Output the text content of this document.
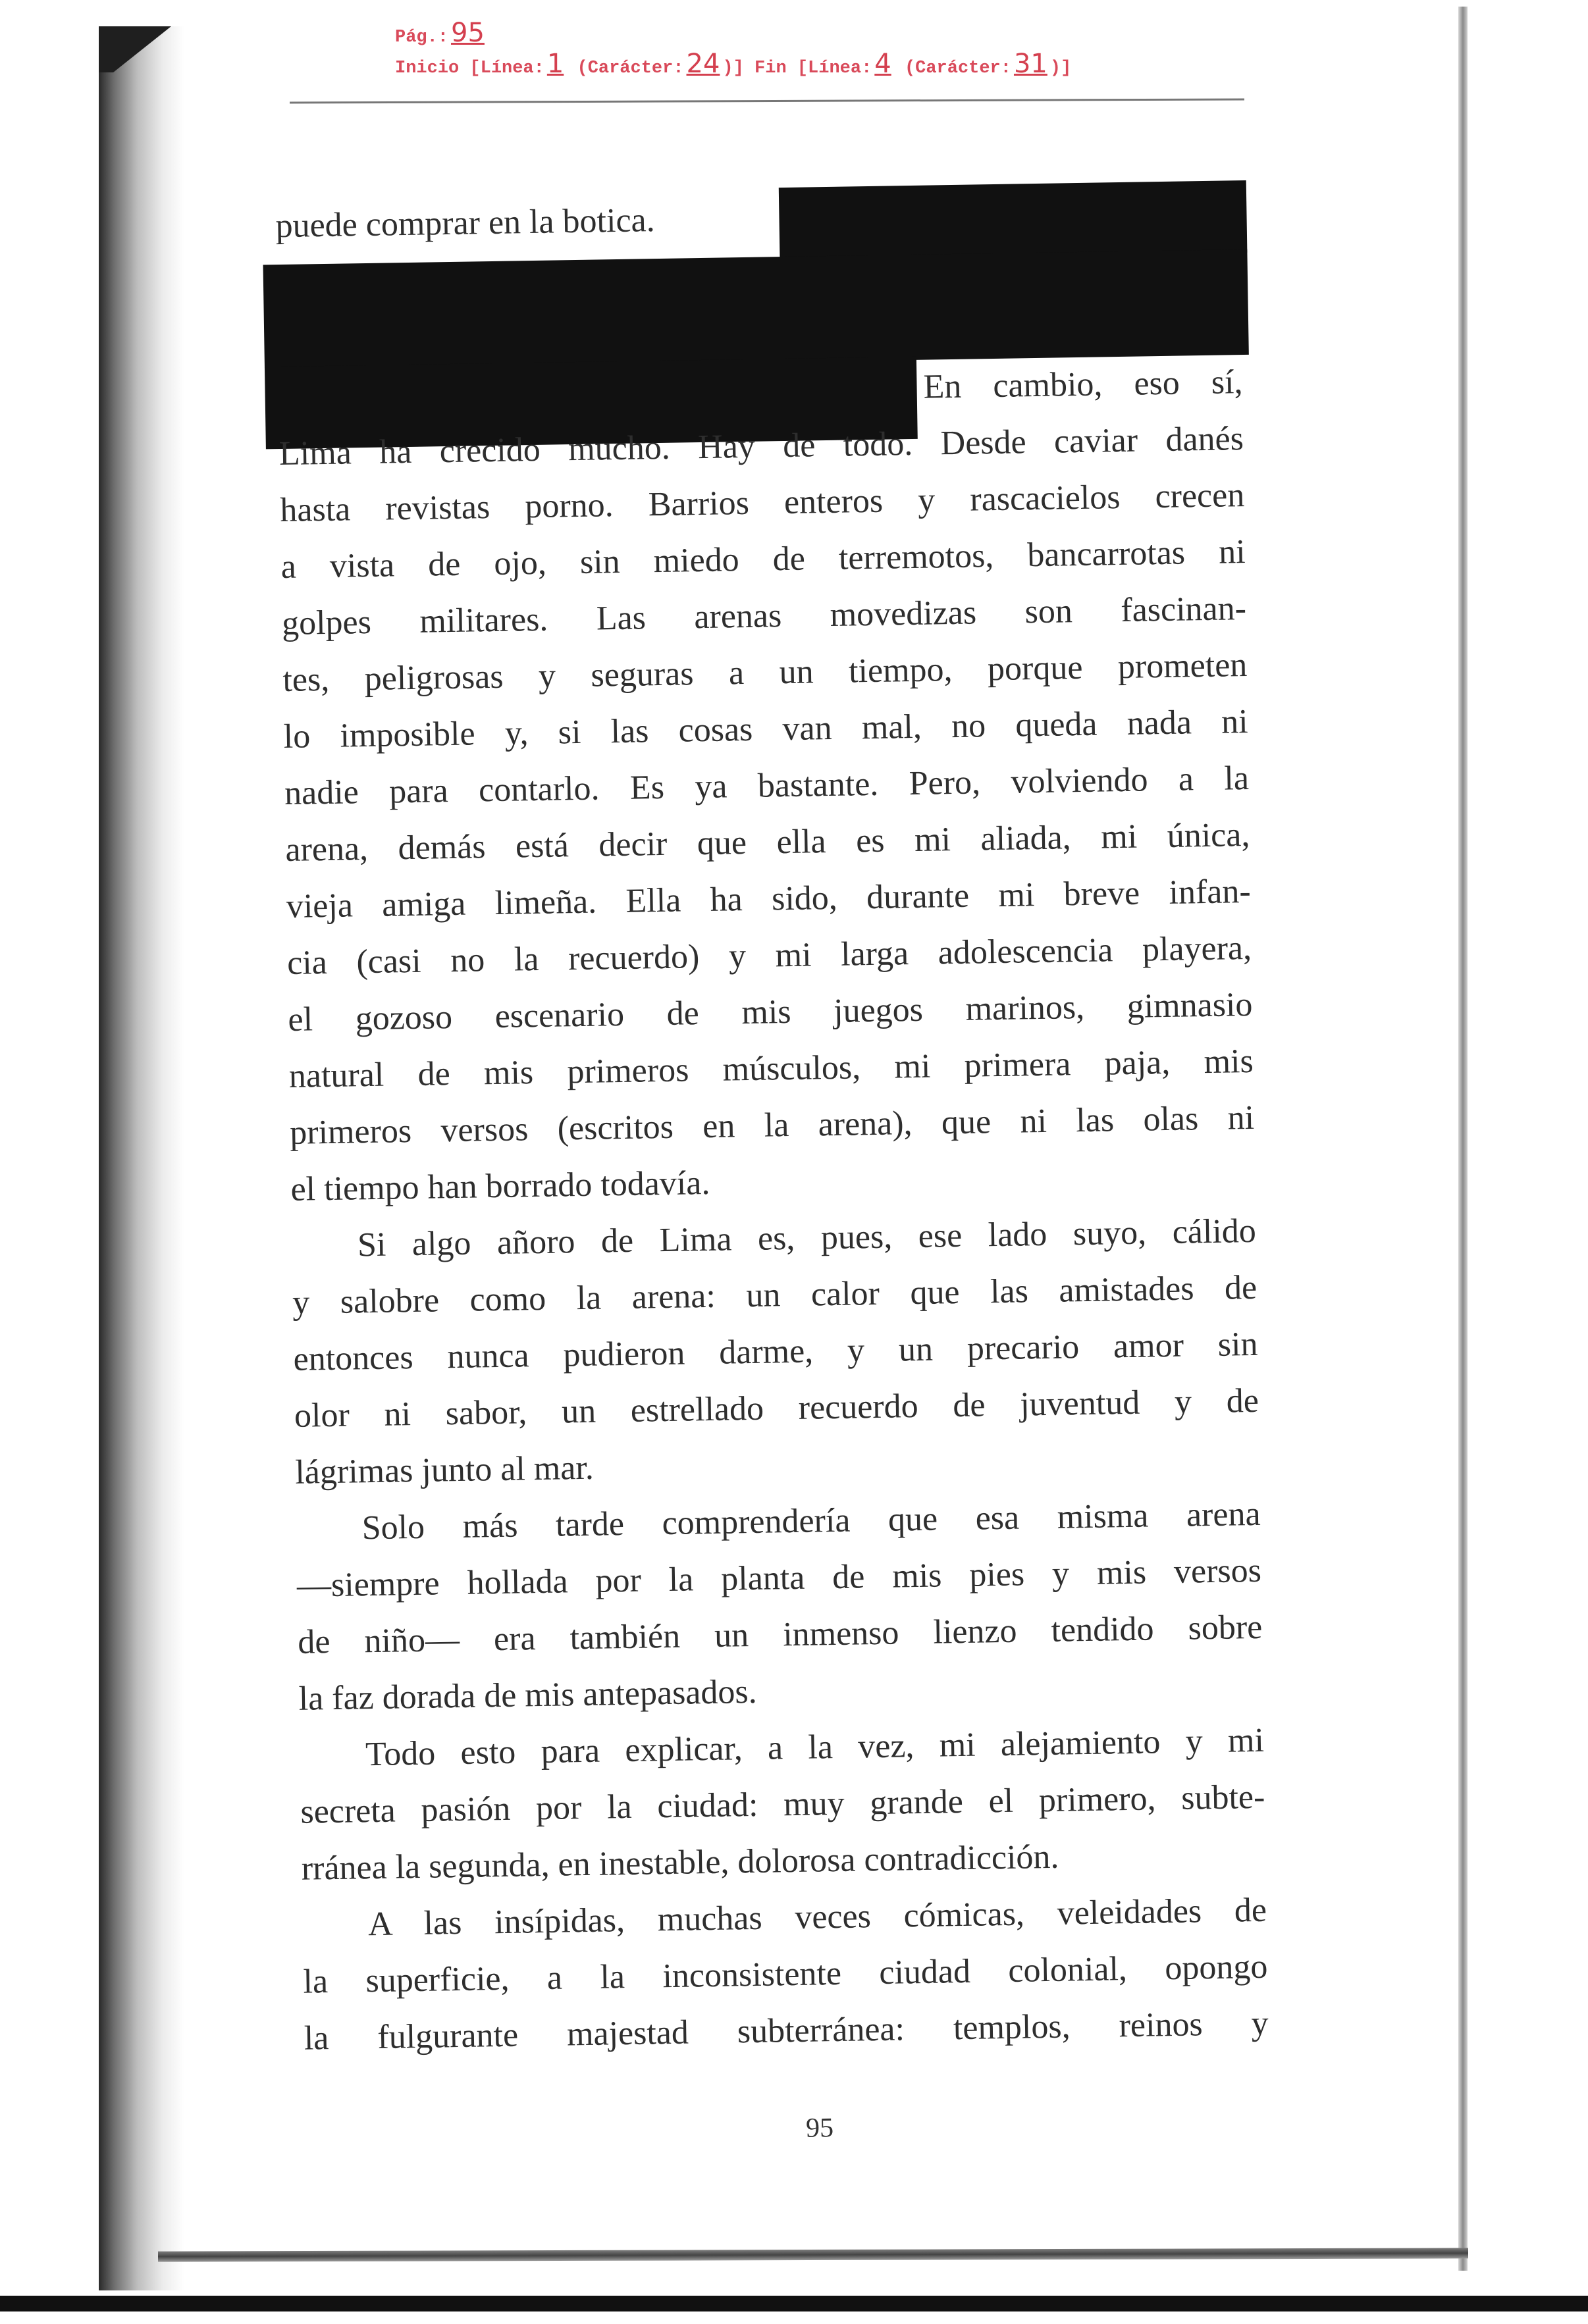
Pág.: 95
Inicio [Línea: 1 (Carácter: 24 )] Fin [Línea: 4 (Carácter: 31 )]
puede comprar en la botica.
En cambio, eso sí,
Lima ha crecido mucho. Hay de todo. Desde caviar danés
hasta revistas porno. Barrios enteros y rascacielos crecen
a vista de ojo, sin miedo de terremotos, bancarrotas ni
golpes militares. Las arenas movedizas son fascinan-
tes, peligrosas y seguras a un tiempo, porque prometen
lo imposible y, si las cosas van mal, no queda nada ni
nadie para contarlo. Es ya bastante. Pero, volviendo a la
arena, demás está decir que ella es mi aliada, mi única,
vieja amiga limeña. Ella ha sido, durante mi breve infan-
cia (casi no la recuerdo) y mi larga adolescencia playera,
el gozoso escenario de mis juegos marinos, gimnasio
natural de mis primeros músculos, mi primera paja, mis
primeros versos (escritos en la arena), que ni las olas ni
el tiempo han borrado todavía.
Si algo añoro de Lima es, pues, ese lado suyo, cálido
y salobre como la arena: un calor que las amistades de
entonces nunca pudieron darme, y un precario amor sin
olor ni sabor, un estrellado recuerdo de juventud y de
lágrimas junto al mar.
Solo más tarde comprendería que esa misma arena
—siempre hollada por la planta de mis pies y mis versos
de niño— era también un inmenso lienzo tendido sobre
la faz dorada de mis antepasados.
Todo esto para explicar, a la vez, mi alejamiento y mi
secreta pasión por la ciudad: muy grande el primero, subte-
rránea la segunda, en inestable, dolorosa contradicción.
A las insípidas, muchas veces cómicas, veleidades de
la superficie, a la inconsistente ciudad colonial, opongo
la fulgurante majestad subterránea: templos, reinos y
95
